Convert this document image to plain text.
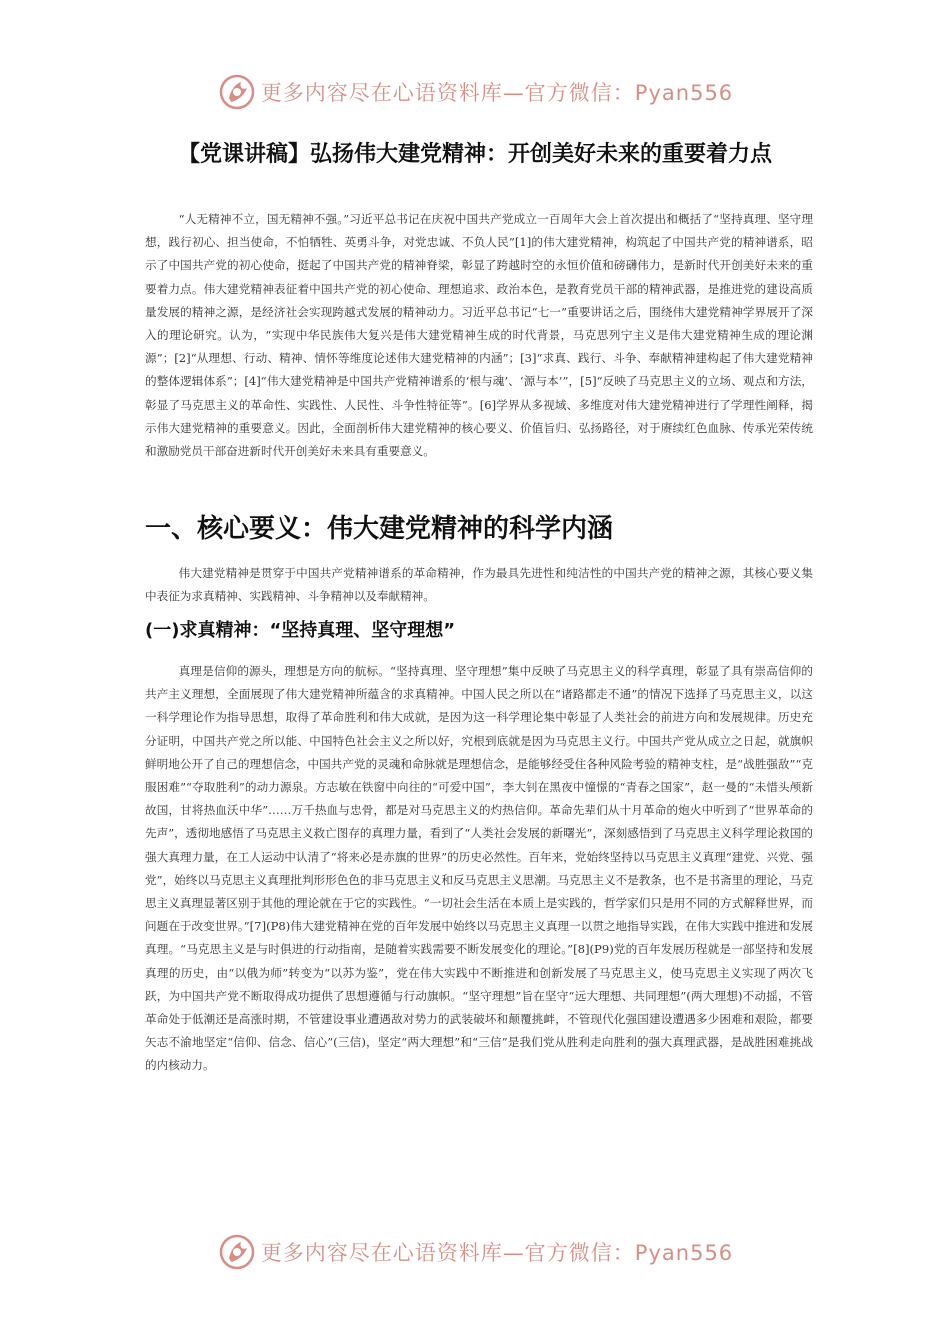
更多内容尽在心语资料库—官方微信：Pyan556
【党课讲稿】弘扬伟大建党精神：开创美好未来的重要着力点

“人无精神不立，国无精神不强。”习近平总书记在庆祝中国共产党成立一百周年大会上首次提出和概括了“坚持真理、坚守理想，践行初心、担当使命，不怕牺牲、英勇斗争，对党忠诚、不负人民”[1]的伟大建党精神，构筑起了中国共产党的精神谱系，昭示了中国共产党的初心使命，挺起了中国共产党的精神脊梁，彰显了跨越时空的永恒价值和磅礴伟力，是新时代开创美好未来的重要着力点。伟大建党精神表征着中国共产党的初心使命、理想追求、政治本色，是教育党员干部的精神武器，是推进党的建设高质量发展的精神之源，是经济社会实现跨越式发展的精神动力。习近平总书记“七一”重要讲话之后，围绕伟大建党精神学界展开了深入的理论研究。认为，“实现中华民族伟大复兴是伟大建党精神生成的时代背景，马克思列宁主义是伟大建党精神生成的理论渊源”；[2]“从理想、行动、精神、情怀等维度论述伟大建党精神的内涵”；[3]“求真、践行、斗争、奉献精神建构起了伟大建党精神的整体逻辑体系”；[4]“伟大建党精神是中国共产党精神谱系的‘根与魂’、‘源与本’”，[5]“反映了马克思主义的立场、观点和方法，彰显了马克思主义的革命性、实践性、人民性、斗争性特征等”。[6]学界从多视域、多维度对伟大建党精神进行了学理性阐释，揭示伟大建党精神的重要意义。因此，全面剖析伟大建党精神的核心要义、价值旨归、弘扬路径，对于赓续红色血脉、传承光荣传统和激励党员干部奋进新时代开创美好未来具有重要意义。

一、核心要义：伟大建党精神的科学内涵

伟大建党精神是贯穿于中国共产党精神谱系的革命精神，作为最具先进性和纯洁性的中国共产党的精神之源，其核心要义集中表征为求真精神、实践精神、斗争精神以及奉献精神。

(一)求真精神：“坚持真理、坚守理想”

真理是信仰的源头，理想是方向的航标。“坚持真理、坚守理想”集中反映了马克思主义的科学真理，彰显了具有崇高信仰的共产主义理想，全面展现了伟大建党精神所蕴含的求真精神。中国人民之所以在“诸路都走不通”的情况下选择了马克思主义，以这一科学理论作为指导思想，取得了革命胜利和伟大成就，是因为这一科学理论集中彰显了人类社会的前进方向和发展规律。历史充分证明，中国共产党之所以能、中国特色社会主义之所以好，究根到底就是因为马克思主义行。中国共产党从成立之日起，就旗帜鲜明地公开了自己的理想信念，中国共产党的灵魂和命脉就是理想信念，是能够经受住各种风险考验的精神支柱，是“战胜强敌”“克服困难”“夺取胜利”的动力源泉。方志敏在铁窗中向往的“可爱中国”，李大钊在黑夜中憧憬的“青春之国家”，赵一曼的“未惜头颅新故国，甘将热血沃中华”……万千热血与忠骨，都是对马克思主义的灼热信仰。革命先辈们从十月革命的炮火中听到了“世界革命的先声”，透彻地感悟了马克思主义救亡图存的真理力量，看到了“人类社会发展的新曙光”，深刻感悟到了马克思主义科学理论救国的强大真理力量，在工人运动中认清了“将来必是赤旗的世界”的历史必然性。百年来，党始终坚持以马克思主义真理“建党、兴党、强党”，始终以马克思主义真理批判形形色色的非马克思主义和反马克思主义思潮。马克思主义不是教条，也不是书斋里的理论，马克思主义真理显著区别于其他的理论就在于它的实践性。“一切社会生活在本质上是实践的，哲学家们只是用不同的方式解释世界，而问题在于改变世界。”[7](P8)伟大建党精神在党的百年发展中始终以马克思主义真理一以贯之地指导实践，在伟大实践中推进和发展真理。“马克思主义是与时俱进的行动指南，是随着实践需要不断发展变化的理论。”[8](P9)党的百年发展历程就是一部坚持和发展真理的历史，由“以俄为师”转变为“以苏为鉴”，党在伟大实践中不断推进和创新发展了马克思主义，使马克思主义实现了两次飞跃，为中国共产党不断取得成功提供了思想遵循与行动旗帜。“坚守理想”旨在坚守“远大理想、共同理想”(两大理想)不动摇，不管革命处于低潮还是高涨时期，不管建设事业遭遇敌对势力的武装破坏和颠覆挑衅，不管现代化强国建设遭遇多少困难和艰险，都要矢志不渝地坚定“信仰、信念、信心”(三信)，坚定“两大理想”和“三信”是我们党从胜利走向胜利的强大真理武器，是战胜困难挑战的内核动力。

更多内容尽在心语资料库—官方微信：Pyan556
